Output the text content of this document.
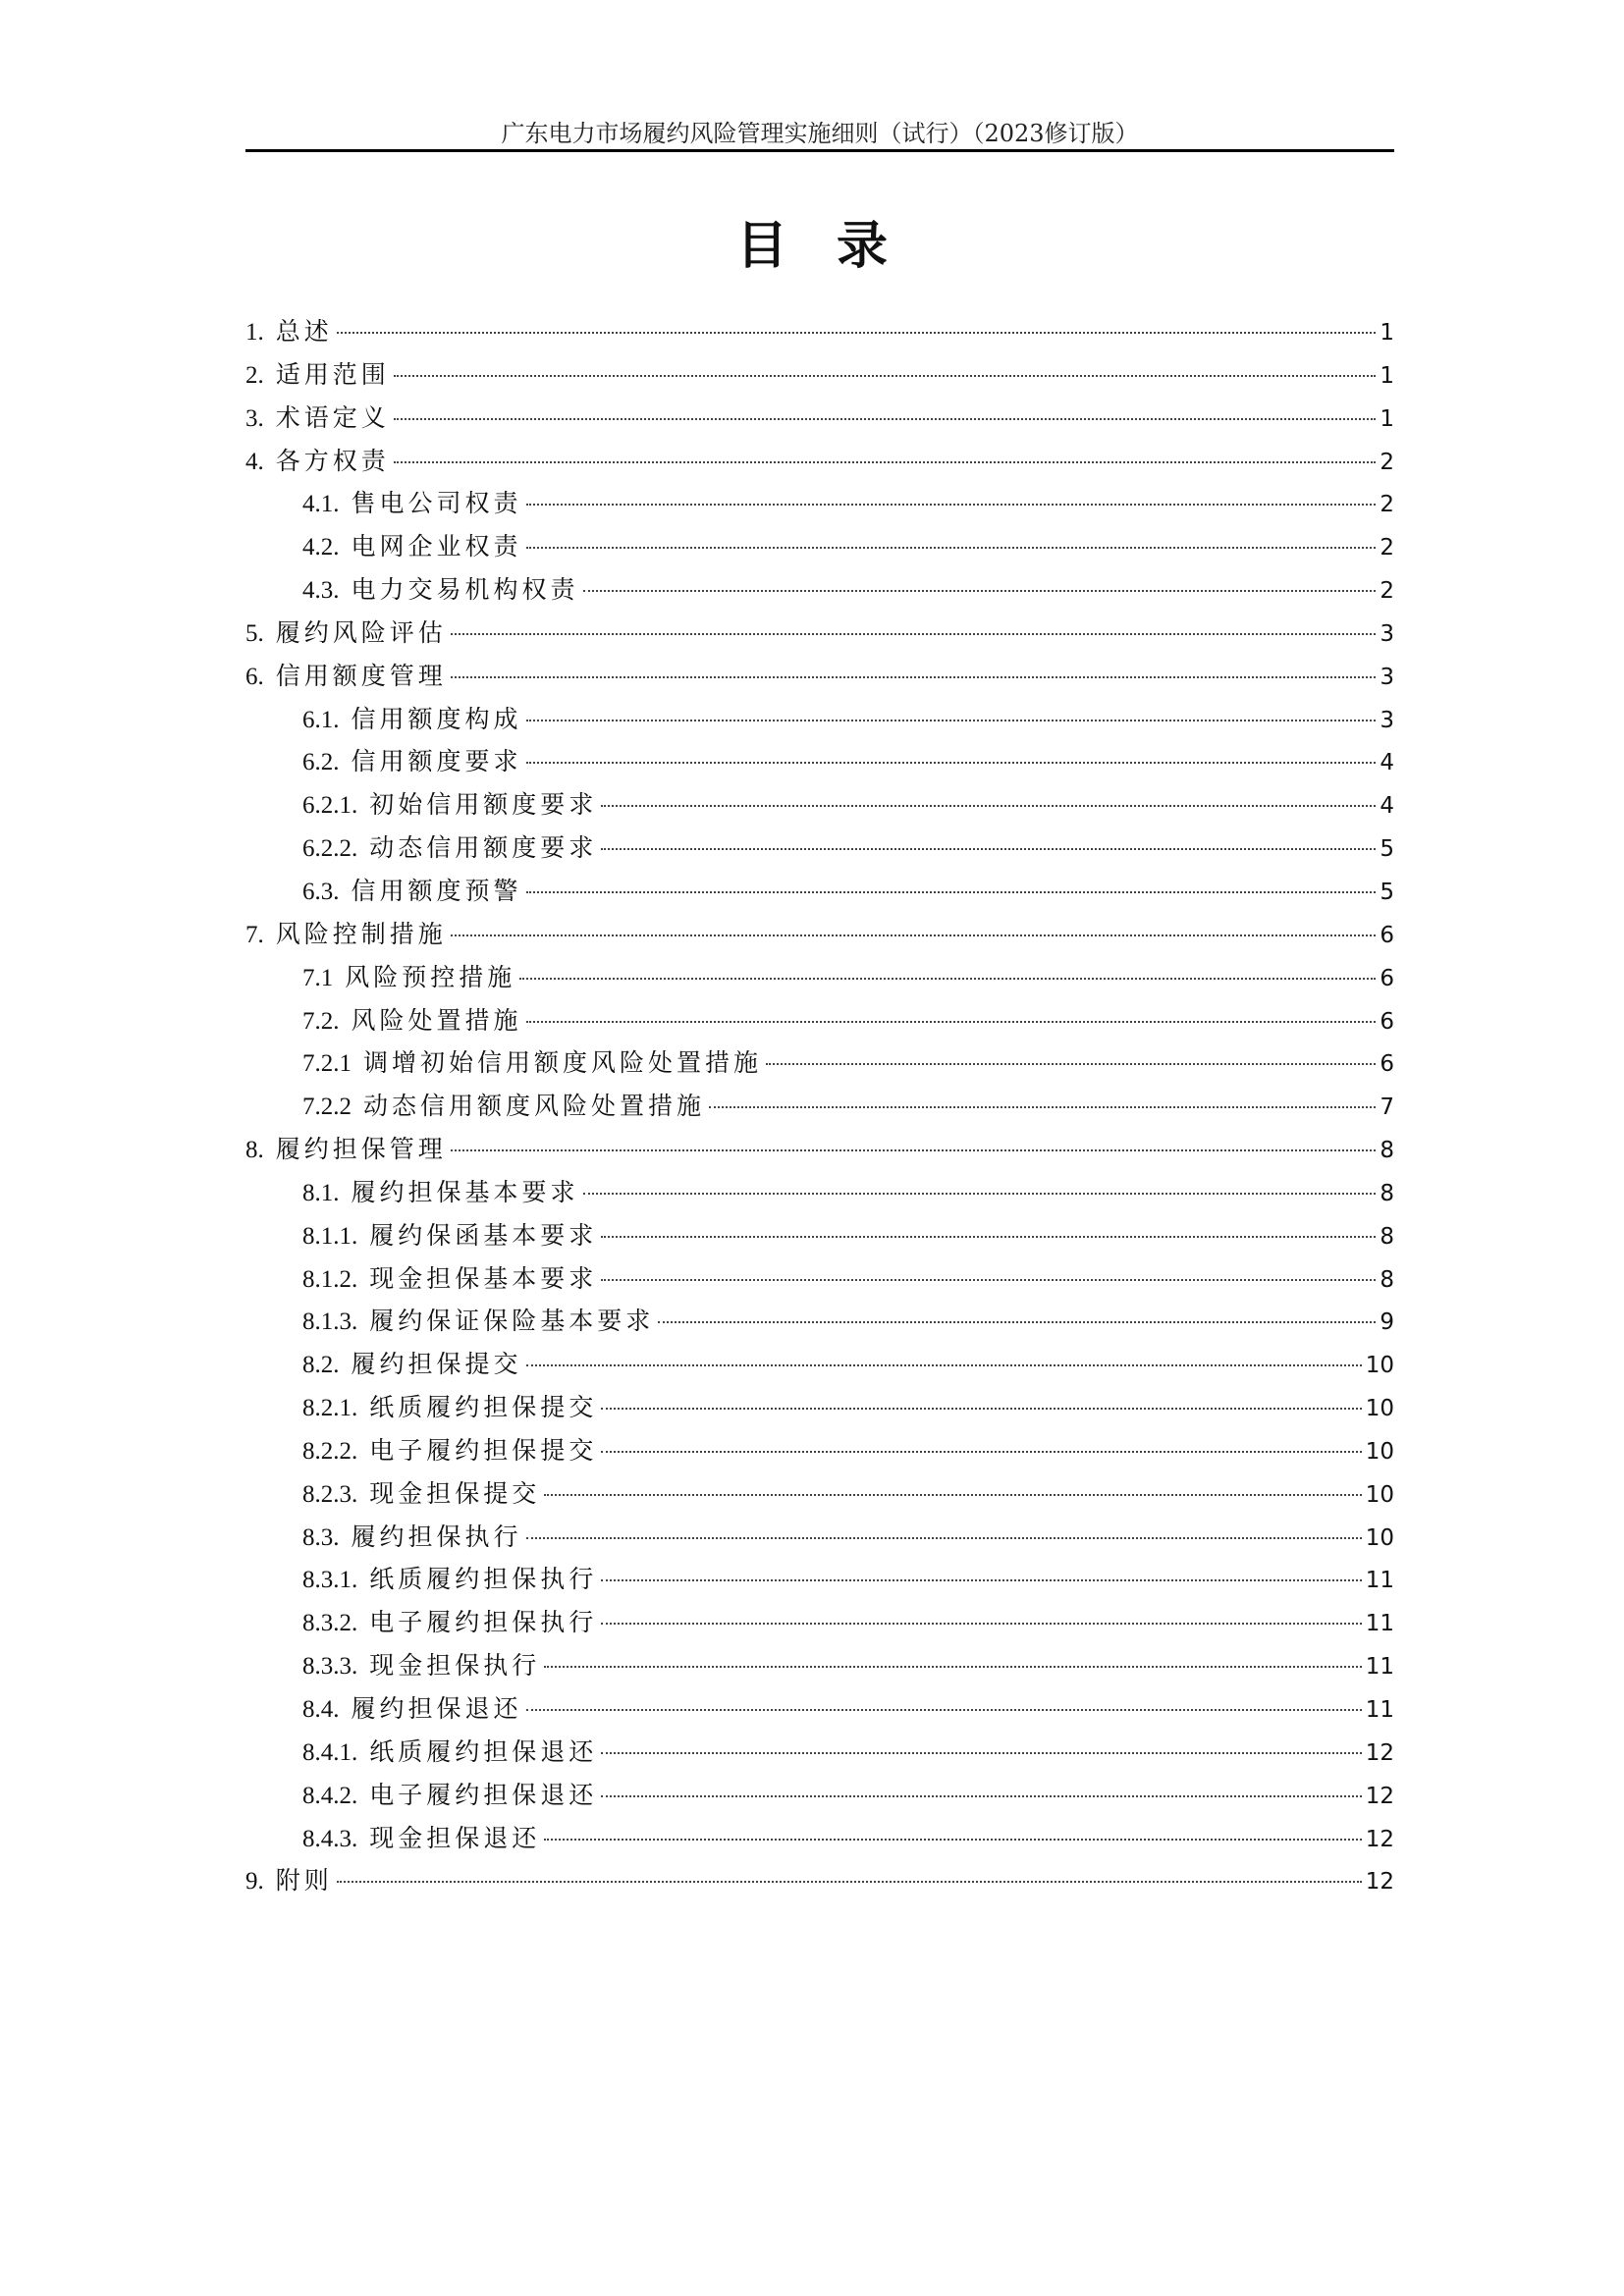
广东电力市场履约风险管理实施细则（试行）（2023修订版）
目录
1. 总述	1
2. 适用范围	1
3. 术语定义	1
4. 各方权责	2
4.1. 售电公司权责	2
4.2. 电网企业权责	2
4.3. 电力交易机构权责	2
5. 履约风险评估	3
6. 信用额度管理	3
6.1. 信用额度构成	3
6.2. 信用额度要求	4
6.2.1. 初始信用额度要求	4
6.2.2. 动态信用额度要求	5
6.3. 信用额度预警	5
7. 风险控制措施	6
7.1 风险预控措施	6
7.2. 风险处置措施	6
7.2.1 调增初始信用额度风险处置措施	6
7.2.2 动态信用额度风险处置措施	7
8. 履约担保管理	8
8.1. 履约担保基本要求	8
8.1.1. 履约保函基本要求	8
8.1.2. 现金担保基本要求	8
8.1.3. 履约保证保险基本要求	9
8.2. 履约担保提交	10
8.2.1. 纸质履约担保提交	10
8.2.2. 电子履约担保提交	10
8.2.3. 现金担保提交	10
8.3. 履约担保执行	10
8.3.1. 纸质履约担保执行	11
8.3.2. 电子履约担保执行	11
8.3.3. 现金担保执行	11
8.4. 履约担保退还	11
8.4.1. 纸质履约担保退还	12
8.4.2. 电子履约担保退还	12
8.4.3. 现金担保退还	12
9. 附则	12
